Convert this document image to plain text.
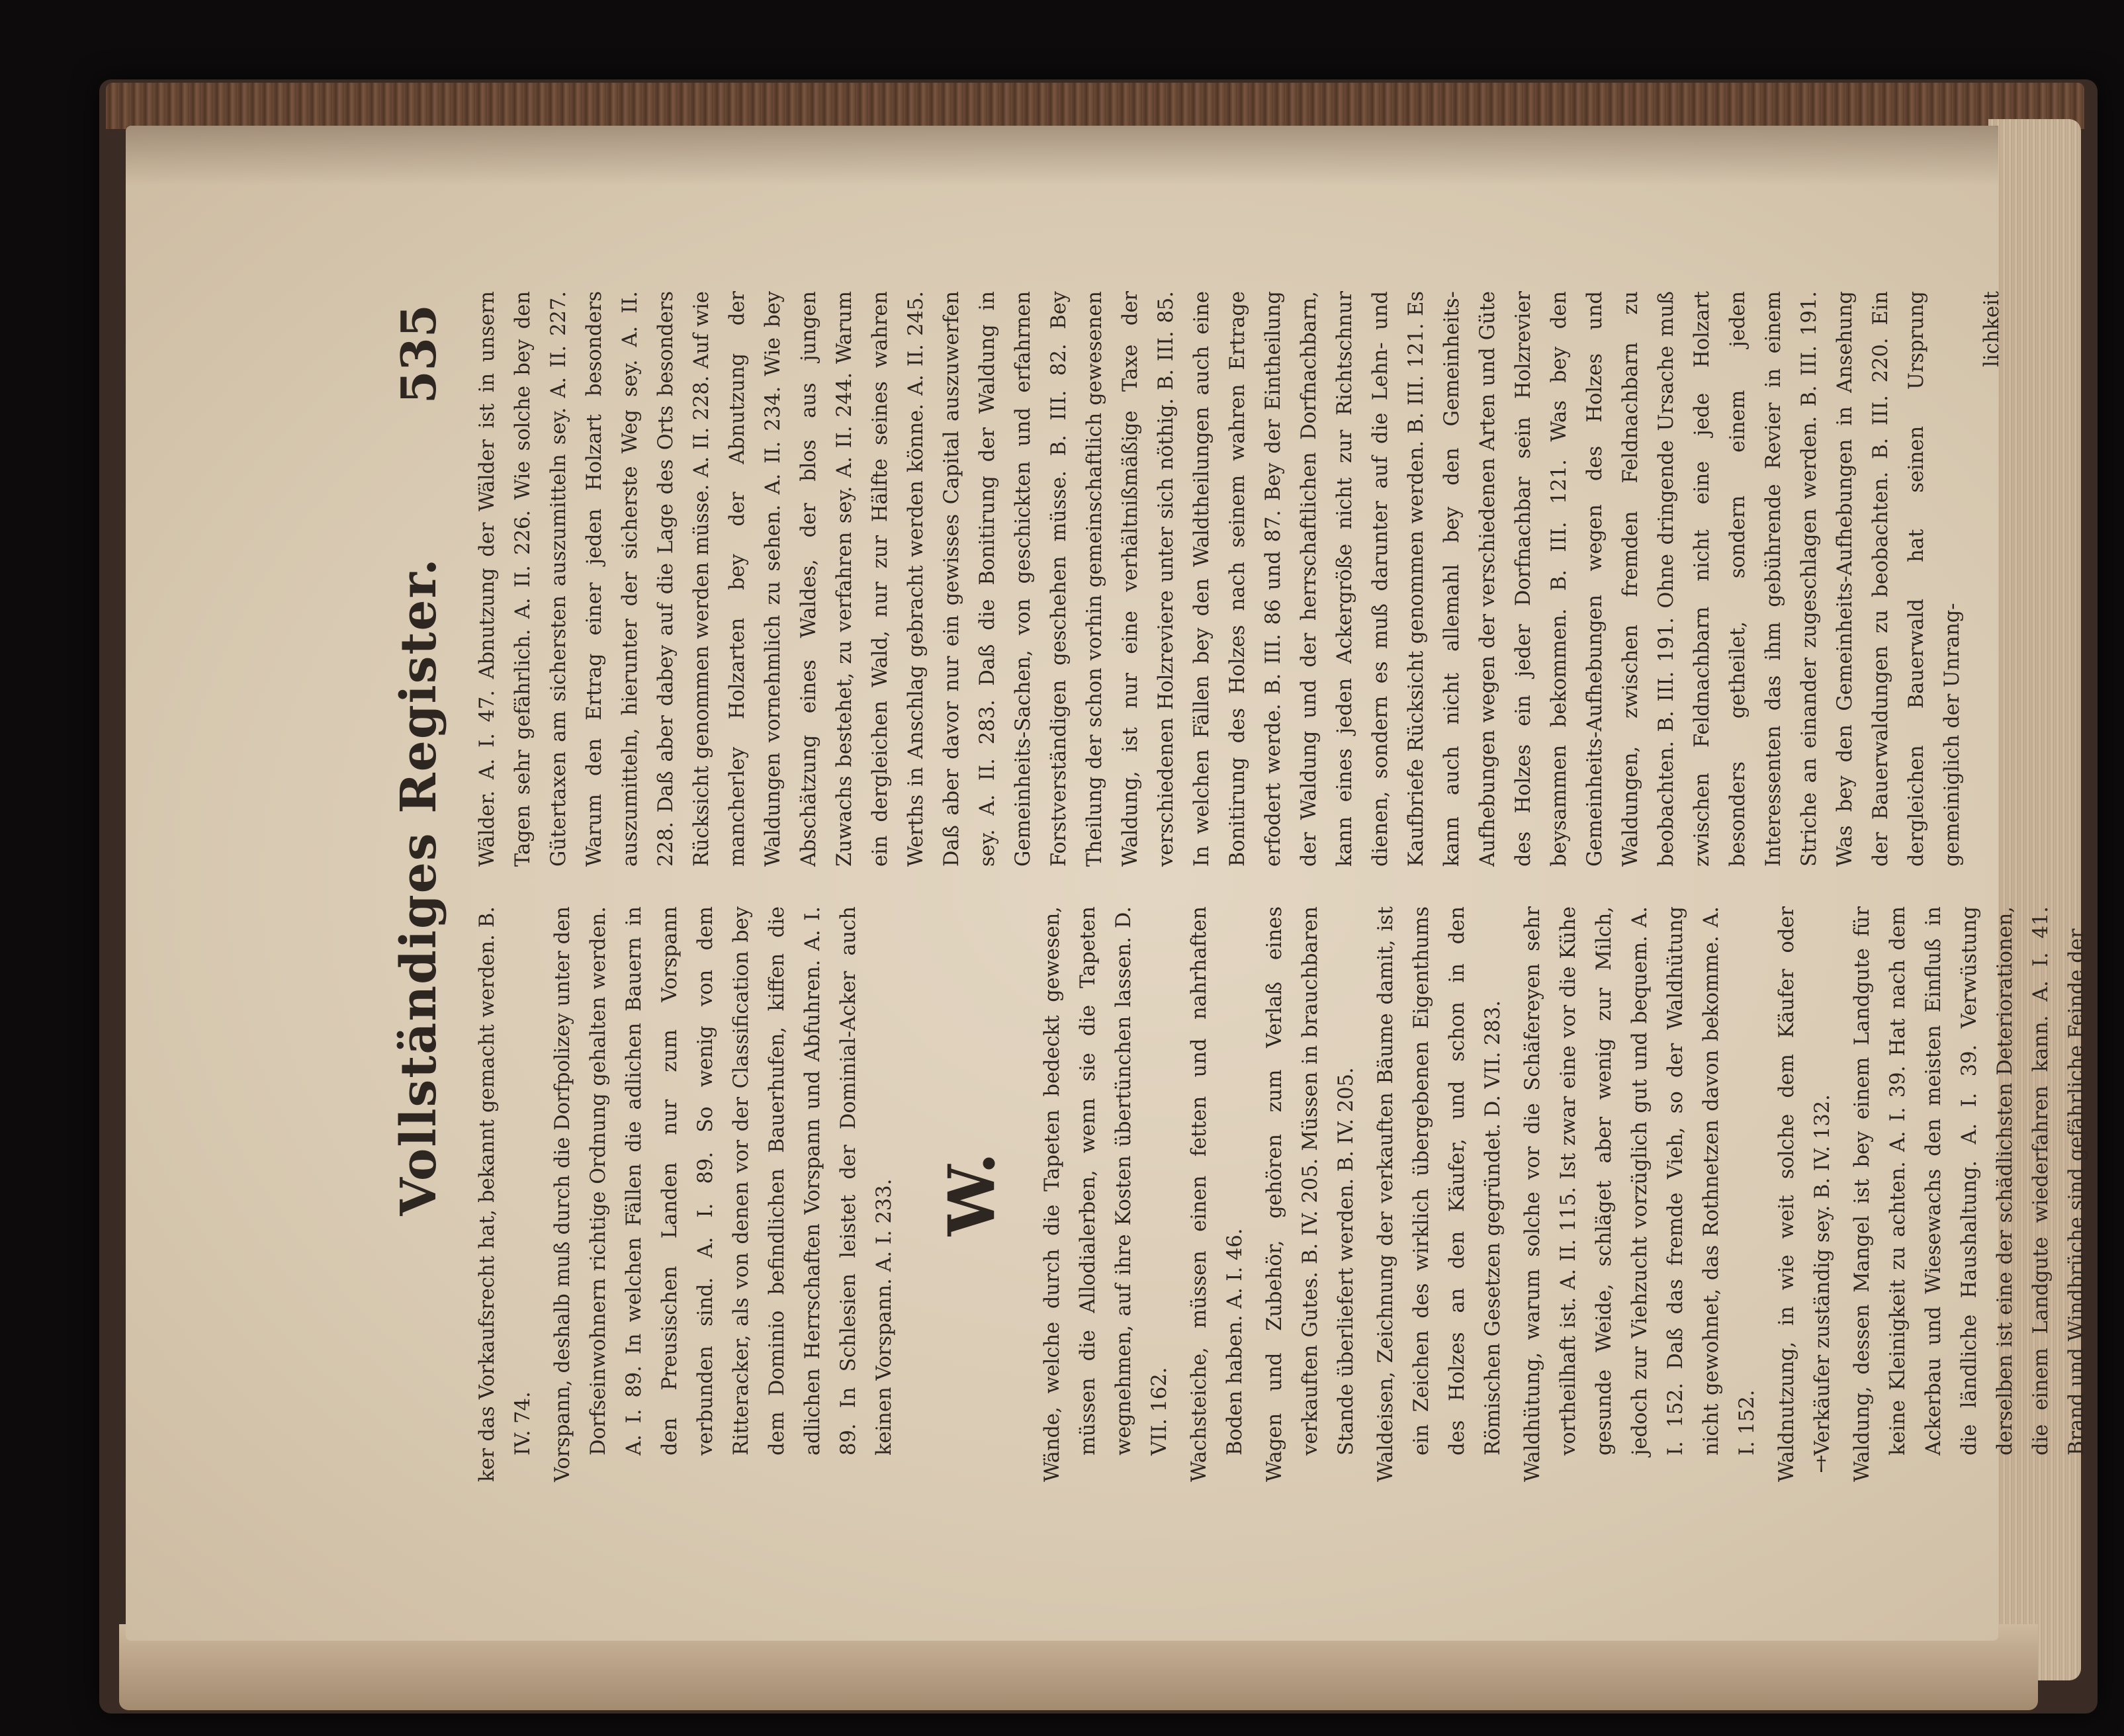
Vollständiges Register.
535

ker das Vorkaufsrecht hat, bekannt gemacht werden. B. IV. 74. Vorspann, deshalb muß durch die Dorfpolizey unter den Dorfseinwohnern richtige Ordnung gehalten werden. A. I. 89. In welchen Fällen die adlichen Bauern in den Preusischen Landen nur zum Vorspann verbunden sind. A. I. 89. So wenig von dem Ritteracker, als von denen vor der Classification bey dem Dominio befindlichen Bauerhufen, kiffen die adlichen Herrschaften Vorspann und Abfuhren. A. I. 89. In Schlesien leistet der Dominial-Acker auch keinen Vorspann. A. I. 233. W. Wände, welche durch die Tapeten bedeckt gewesen, müssen die Allodialerben, wenn sie die Tapeten wegnehmen, auf ihre Kosten übertünchen lassen. D. VII. 162. Wachsteiche, müssen einen fetten und nahrhaften Boden haben. A. I. 46. Wagen und Zubehör, gehören zum Verlaß eines verkauften Gutes. B. IV. 205. Müssen in brauchbaren Stande überliefert werden. B. IV. 205. Waldeisen, Zeichnung der verkauften Bäume damit, ist ein Zeichen des wirklich übergebenen Eigenthums des Holzes an den Käufer, und schon in den Römischen Gesetzen gegründet. D. VII. 283. Waldhütung, warum solche vor die Schäfereyen sehr vortheilhaft ist. A. II. 115. Ist zwar eine vor die Kühe gesunde Weide, schläget aber wenig zur Milch, jedoch zur Viehzucht vorzüglich gut und bequem. A. I. 152. Daß das fremde Vieh, so der Waldhütung nicht gewohnet, das Rothnetzen davon bekomme. A. I. 152. Waldnutzung, in wie weit solche dem Käufer oder Verkäufer zuständig sey. B. IV. 132. Waldung, dessen Mangel ist bey einem Landgute für keine Kleinigkeit zu achten. A. I. 39. Hat nach dem Ackerbau und Wiesewachs den meisten Einfluß in die ländliche Haushaltung. A. I. 39. Verwüstung derselben ist eine der schädlichsten Deteriorationen, die einem Landgute wiederfahren kann. A. I. 41. Brand und Windbrüche sind gefährliche Feinde der

Wälder. A. I. 47. Abnutzung der Wälder ist in unsern Tagen sehr gefährlich. A. II. 226. Wie solche bey den Gütertaxen am sichersten auszumitteln sey. A. II. 227. Warum den Ertrag einer jeden Holzart besonders auszumitteln, hierunter der sicherste Weg sey. A. II. 228. Daß aber dabey auf die Lage des Orts besonders Rücksicht genommen werden müsse. A. II. 228. Auf wie mancherley Holzarten bey der Abnutzung der Waldungen vornehmlich zu sehen. A. II. 234. Wie bey Abschätzung eines Waldes, der blos aus jungen Zuwachs bestehet, zu verfahren sey. A. II. 244. Warum ein dergleichen Wald, nur zur Hälfte seines wahren Werths in Anschlag gebracht werden könne. A. II. 245. Daß aber davor nur ein gewisses Capital auszuwerfen sey. A. II. 283. Daß die Bonitirung der Waldung in Gemeinheits-Sachen, von geschickten und erfahrnen Forstverständigen geschehen müsse. B. III. 82. Bey Theilung der schon vorhin gemeinschaftlich gewesenen Waldung, ist nur eine verhältnißmäßige Taxe der verschiedenen Holzreviere unter sich nöthig. B. III. 85. In welchen Fällen bey den Waldtheilungen auch eine Bonitirung des Holzes nach seinem wahren Ertrage erfodert werde. B. III. 86 und 87. Bey der Eintheilung der Waldung und der herrschaftlichen Dorfnachbarn, kann eines jeden Ackergröße nicht zur Richtschnur dienen, sondern es muß darunter auf die Lehn- und Kaufbriefe Rücksicht genommen werden. B. III. 121. Es kann auch nicht allemahl bey den Gemeinheits-Aufhebungen wegen der verschiedenen Arten und Güte des Holzes ein jeder Dorfnachbar sein Holzrevier beysammen bekommen. B. III. 121. Was bey den Gemeinheits-Aufhebungen wegen des Holzes und Waldungen, zwischen fremden Feldnachbarn zu beobachten. B. III. 191. Ohne dringende Ursache muß zwischen Feldnachbarn nicht eine jede Holzart besonders getheilet, sondern einem jeden Interessenten das ihm gebührende Revier in einem Striche an einander zugeschlagen werden. B. III. 191. Was bey den Gemeinheits-Aufhebungen in Ansehung der Bauerwaldungen zu beobachten. B. III. 220. Ein dergleichen Bauerwald hat seinen Ursprung gemeiniglich der Unrang-

lichkeit

†
